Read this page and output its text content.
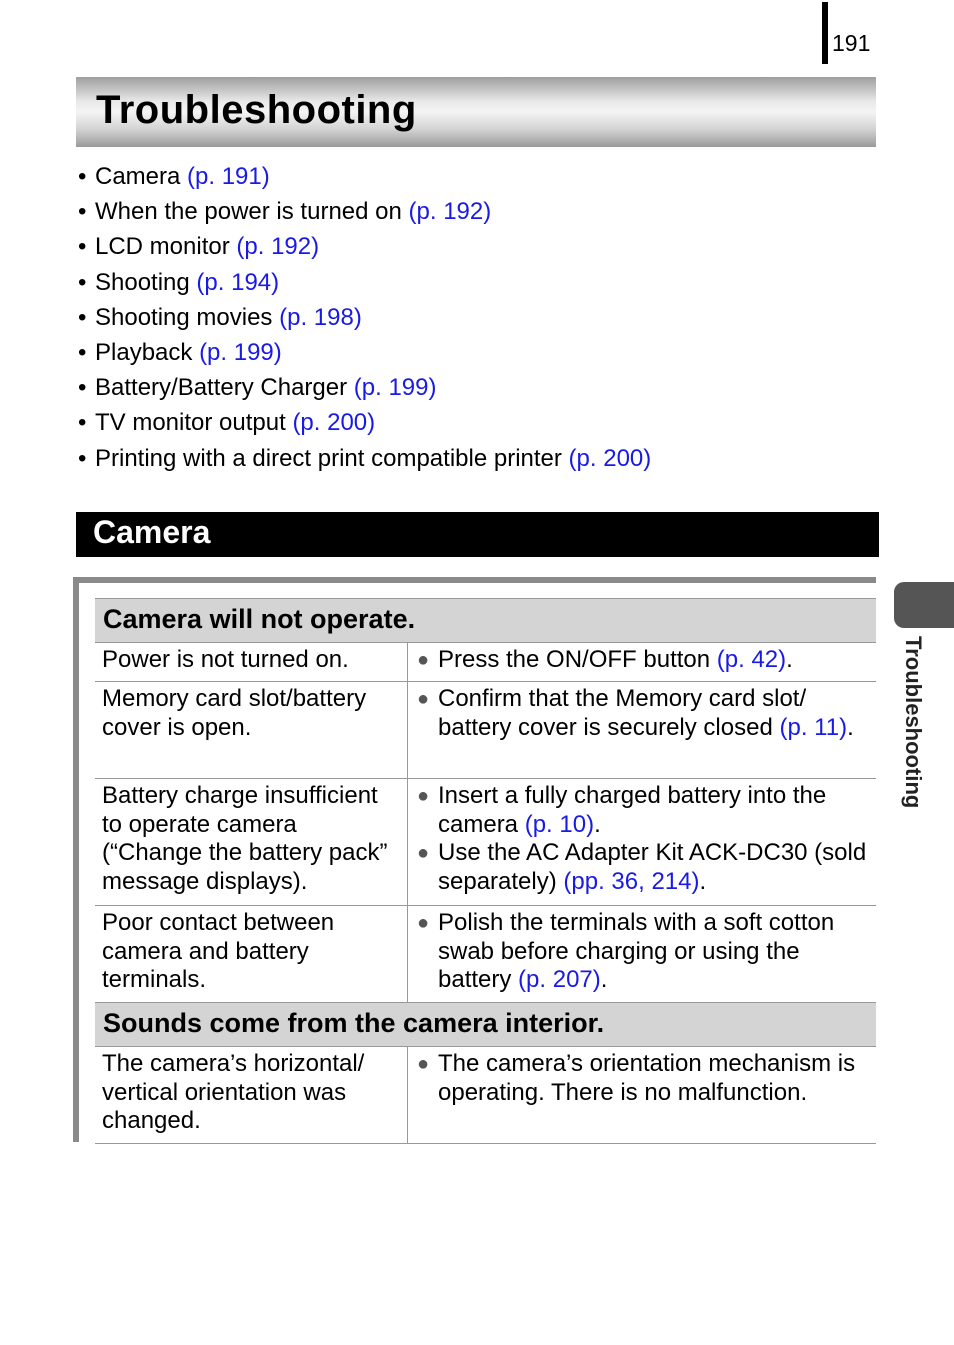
191
Troubleshooting
• Camera (p. 191)
• When the power is turned on (p. 192)
• LCD monitor (p. 192)
• Shooting (p. 194)
• Shooting movies (p. 198)
• Playback (p. 199)
• Battery/Battery Charger (p. 199)
• TV monitor output (p. 200)
• Printing with a direct print compatible printer (p. 200)
Camera
Camera will not operate.
Power is not turned on.	● Press the ON/OFF button (p. 42).
Memory card slot/battery cover is open.
● Confirm that the Memory card slot/ battery cover is securely closed (p. 11).
Battery charge insufficient to operate camera (“Change the battery pack” message displays).
● Insert a fully charged battery into the camera (p. 10).
● Use the AC Adapter Kit ACK-DC30 (sold separately) (pp. 36, 214).
Poor contact between camera and battery terminals.
● Polish the terminals with a soft cotton swab before charging or using the battery (p. 207).
Sounds come from the camera interior.
The camera’s horizontal/ vertical orientation was changed.
● The camera’s orientation mechanism is operating. There is no malfunction.
Troubleshooting
